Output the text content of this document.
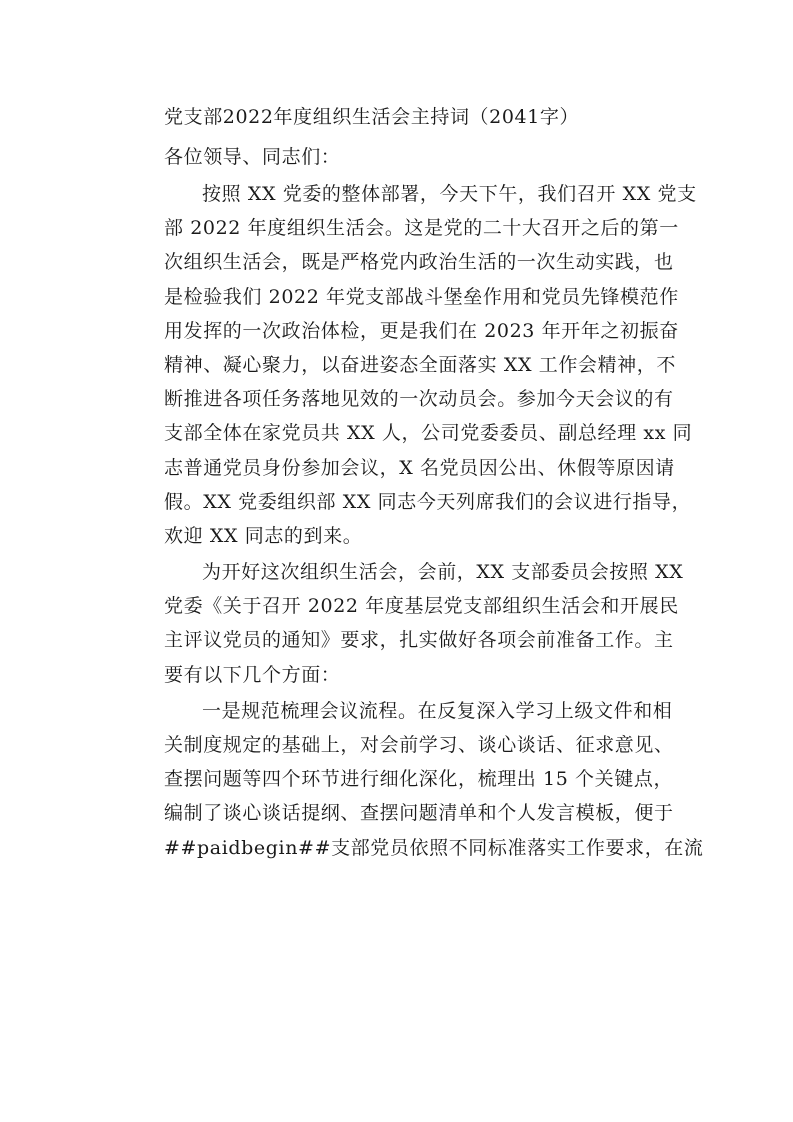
党支部2022年度组织生活会主持词（2041字）

各位领导、同志们：

按照 XX 党委的整体部署，今天下午，我们召开 XX 党支
部 2022 年度组织生活会。这是党的二十大召开之后的第一
次组织生活会，既是严格党内政治生活的一次生动实践，也
是检验我们 2022 年党支部战斗堡垒作用和党员先锋模范作
用发挥的一次政治体检，更是我们在 2023 年开年之初振奋
精神、凝心聚力，以奋进姿态全面落实 XX 工作会精神，不
断推进各项任务落地见效的一次动员会。参加今天会议的有
支部全体在家党员共 XX 人，公司党委委员、副总经理 xx 同
志普通党员身份参加会议，X 名党员因公出、休假等原因请
假。XX 党委组织部 XX 同志今天列席我们的会议进行指导，
欢迎 XX 同志的到来。
为开好这次组织生活会，会前，XX 支部委员会按照 XX
党委《关于召开 2022 年度基层党支部组织生活会和开展民
主评议党员的通知》要求，扎实做好各项会前准备工作。主
要有以下几个方面：
一是规范梳理会议流程。在反复深入学习上级文件和相
关制度规定的基础上，对会前学习、谈心谈话、征求意见、
查摆问题等四个环节进行细化深化，梳理出 15 个关键点，
编制了谈心谈话提纲、查摆问题清单和个人发言模板，便于
##paidbegin##支部党员依照不同标准落实工作要求，在流
